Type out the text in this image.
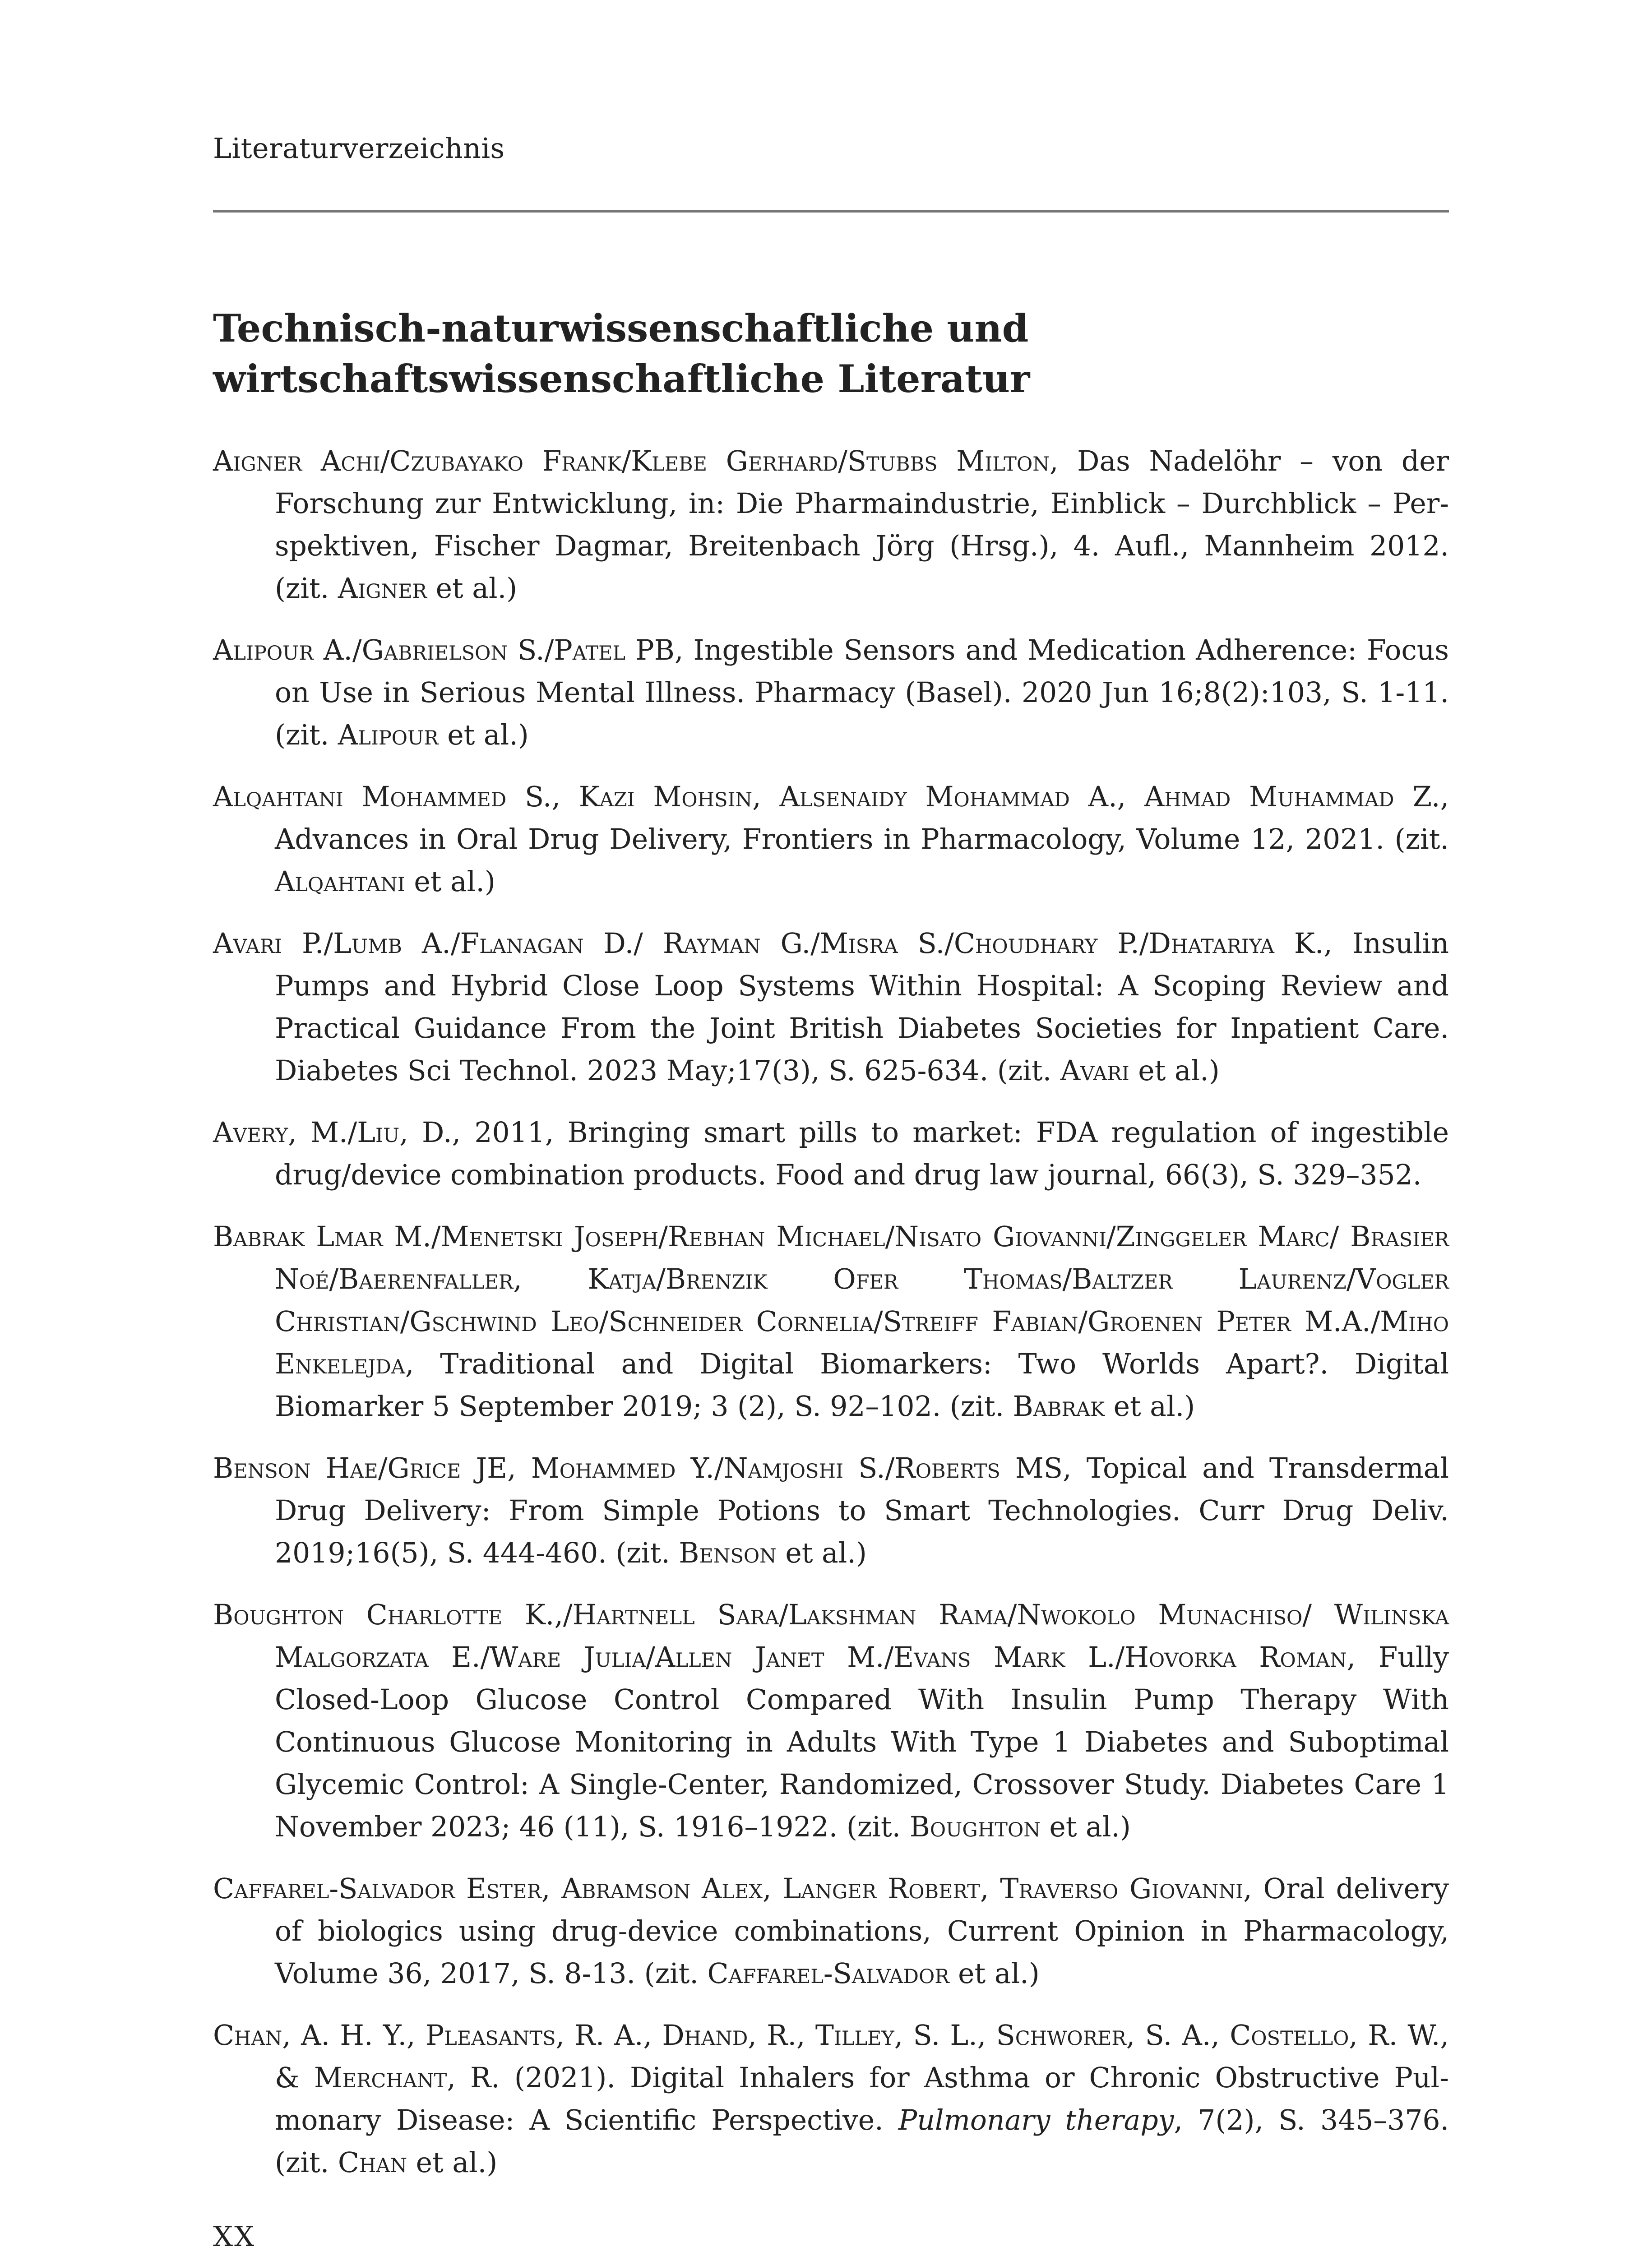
Literaturverzeichnis
Technisch-naturwissenschaftliche und
wirtschaftswissenschaftliche Literatur

Aigner Achi/Czubayako Frank/Klebe Gerhard/Stubbs Milton, Das Nadelöhr – von der Forschung zur Entwicklung, in: Die Pharmaindustrie, Einblick – Durchblick – Perspektiven, Fischer Dagmar, Breitenbach Jörg (Hrsg.), 4. Aufl., Mannheim 2012. (zit. Aigner et al.)

Alipour A./Gabrielson S./Patel PB, Ingestible Sensors and Medication Adherence: Focus on Use in Serious Mental Illness. Pharmacy (Basel). 2020 Jun 16;8(2):103, S. 1-11. (zit. Alipour et al.)

Alqahtani Mohammed S., Kazi Mohsin, Alsenaidy Mohammad A., Ahmad Muhammad Z., Advances in Oral Drug Delivery, Frontiers in Pharmacology, Volume 12, 2021. (zit. Alqahtani et al.)

Avari P./Lumb A./Flanagan D./ Rayman G./Misra S./Choudhary P./Dhatariya K., Insulin Pumps and Hybrid Close Loop Systems Within Hospital: A Scoping Review and Practical Guidance From the Joint British Diabetes Societies for Inpatient Care. Diabetes Sci Technol. 2023 May;17(3), S. 625-634. (zit. Avari et al.)

Avery, M./Liu, D., 2011, Bringing smart pills to market: FDA regulation of ingestible drug/device combination products. Food and drug law journal, 66(3), S. 329–352.

Babrak Lmar M./Menetski Joseph/Rebhan Michael/Nisato Giovanni/Zinggeler Marc/ Brasier Noé/Baerenfaller, Katja/Brenzik Ofer Thomas/Baltzer Laurenz/Vogler Christian/Gschwind Leo/Schneider Cornelia/Streiff Fabian/Groenen Peter M.A./Miho Enkelejda, Traditional and Digital Biomarkers: Two Worlds Apart?. Digital Biomarker 5 September 2019; 3 (2), S. 92–102. (zit. Babrak et al.)

Benson Hae/Grice JE, Mohammed Y./Namjoshi S./Roberts MS, Topical and Transdermal Drug Delivery: From Simple Potions to Smart Technologies. Curr Drug Deliv. 2019;16(5), S. 444-460. (zit. Benson et al.)

Boughton Charlotte K.,/Hartnell Sara/Lakshman Rama/Nwokolo Munachiso/ Wilinska Malgorzata E./Ware Julia/Allen Janet M./Evans Mark L./Hovorka Roman, Fully Closed-Loop Glucose Control Compared With Insulin Pump Therapy With Continuous Glucose Monitoring in Adults With Type 1 Diabetes and Suboptimal Glycemic Control: A Single-Center, Randomized, Crossover Study. Diabetes Care 1 November 2023; 46 (11), S. 1916–1922. (zit. Boughton et al.)

Caffarel-Salvador Ester, Abramson Alex, Langer Robert, Traverso Giovanni, Oral delivery of biologics using drug-device combinations, Current Opinion in Pharmacology, Volume 36, 2017, S. 8-13. (zit. Caffarel-Salvador et al.)

Chan, A. H. Y., Pleasants, R. A., Dhand, R., Tilley, S. L., Schworer, S. A., Costello, R. W., & Merchant, R. (2021). Digital Inhalers for Asthma or Chronic Obstructive Pulmonary Disease: A Scientific Perspective. Pulmonary therapy, 7(2), S. 345–376. (zit. Chan et al.)

XX
